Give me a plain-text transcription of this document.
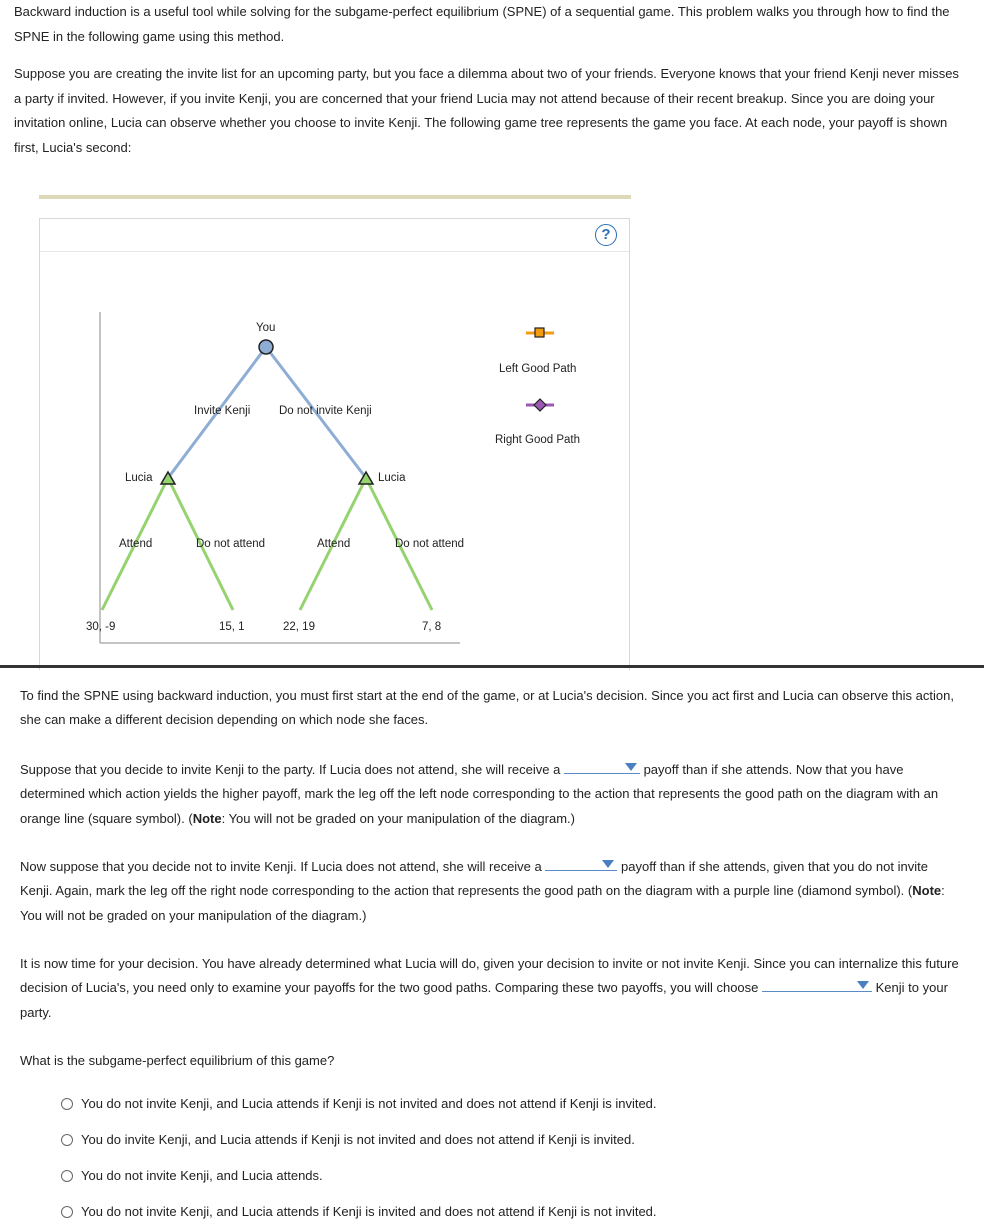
Backward induction is a useful tool while solving for the subgame-perfect equilibrium (SPNE) of a sequential game. This problem walks you through how to find the SPNE in the following game using this method.

Suppose you are creating the invite list for an upcoming party, but you face a dilemma about two of your friends. Everyone knows that your friend Kenji never misses a party if invited. However, if you invite Kenji, you are concerned that your friend Lucia may not attend because of their recent breakup. Since you are doing your invitation online, Lucia can observe whether you choose to invite Kenji. The following game tree represents the game you face. At each node, your payoff is shown first, Lucia's second:

?
You
Invite Kenji Do not invite Kenji
Lucia	Lucia
Attend	Do not attend	Attend	Do not attend
30, -9	15, 1	22, 19	7, 8
Left Good Path
Right Good Path

To find the SPNE using backward induction, you must first start at the end of the game, or at Lucia's decision. Since you act first and Lucia can observe this action, she can make a different decision depending on which node she faces.

Suppose that you decide to invite Kenji to the party. If Lucia does not attend, she will receive a	payoff than if she attends. Now that you have determined which action yields the higher payoff, mark the leg off the left node corresponding to the action that represents the good path on the diagram with an orange line (square symbol). (Note: You will not be graded on your manipulation of the diagram.)

Now suppose that you decide not to invite Kenji. If Lucia does not attend, she will receive a	payoff than if she attends, given that you do not invite Kenji. Again, mark the leg off the right node corresponding to the action that represents the good path on the diagram with a purple line (diamond symbol). (Note: You will not be graded on your manipulation of the diagram.)

It is now time for your decision. You have already determined what Lucia will do, given your decision to invite or not invite Kenji. Since you can internalize this future decision of Lucia's, you need only to examine your payoffs for the two good paths. Comparing these two payoffs, you will choose	Kenji to your party.

What is the subgame-perfect equilibrium of this game?

You do not invite Kenji, and Lucia attends if Kenji is not invited and does not attend if Kenji is invited.
You do invite Kenji, and Lucia attends if Kenji is not invited and does not attend if Kenji is invited.
You do not invite Kenji, and Lucia attends.
You do not invite Kenji, and Lucia attends if Kenji is invited and does not attend if Kenji is not invited.
